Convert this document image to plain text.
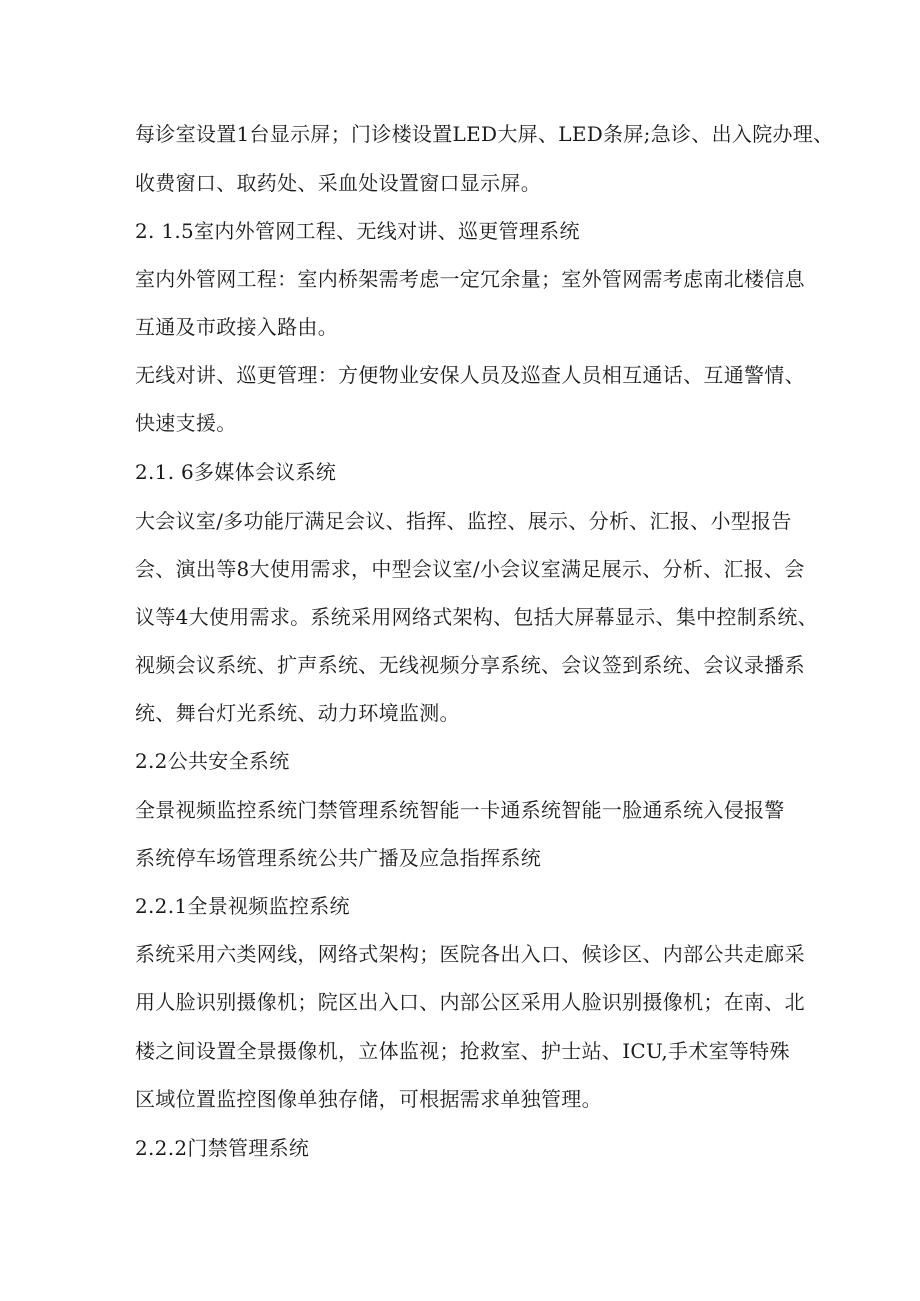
每诊室设置1台显示屏；门诊楼设置LED大屏、LED条屏;急诊、出入院办理、
收费窗口、取药处、采血处设置窗口显示屏。
2. 1.5室内外管网工程、无线对讲、巡更管理系统
室内外管网工程：室内桥架需考虑一定冗余量；室外管网需考虑南北楼信息
互通及市政接入路由。
无线对讲、巡更管理：方便物业安保人员及巡查人员相互通话、互通警情、
快速支援。
2.1. 6多媒体会议系统
大会议室/多功能厅满足会议、指挥、监控、展示、分析、汇报、小型报告
会、演出等8大使用需求，中型会议室/小会议室满足展示、分析、汇报、会
议等4大使用需求。系统采用网络式架构、包括大屏幕显示、集中控制系统、
视频会议系统、扩声系统、无线视频分享系统、会议签到系统、会议录播系
统、舞台灯光系统、动力环境监测。
2.2公共安全系统
全景视频监控系统门禁管理系统智能一卡通系统智能一脸通系统入侵报警
系统停车场管理系统公共广播及应急指挥系统
2.2.1全景视频监控系统
系统采用六类网线，网络式架构；医院各出入口、候诊区、内部公共走廊采
用人脸识别摄像机；院区出入口、内部公区采用人脸识别摄像机；在南、北
楼之间设置全景摄像机，立体监视；抢救室、护士站、ICU,手术室等特殊
区域位置监控图像单独存储，可根据需求单独管理。
2.2.2门禁管理系统
